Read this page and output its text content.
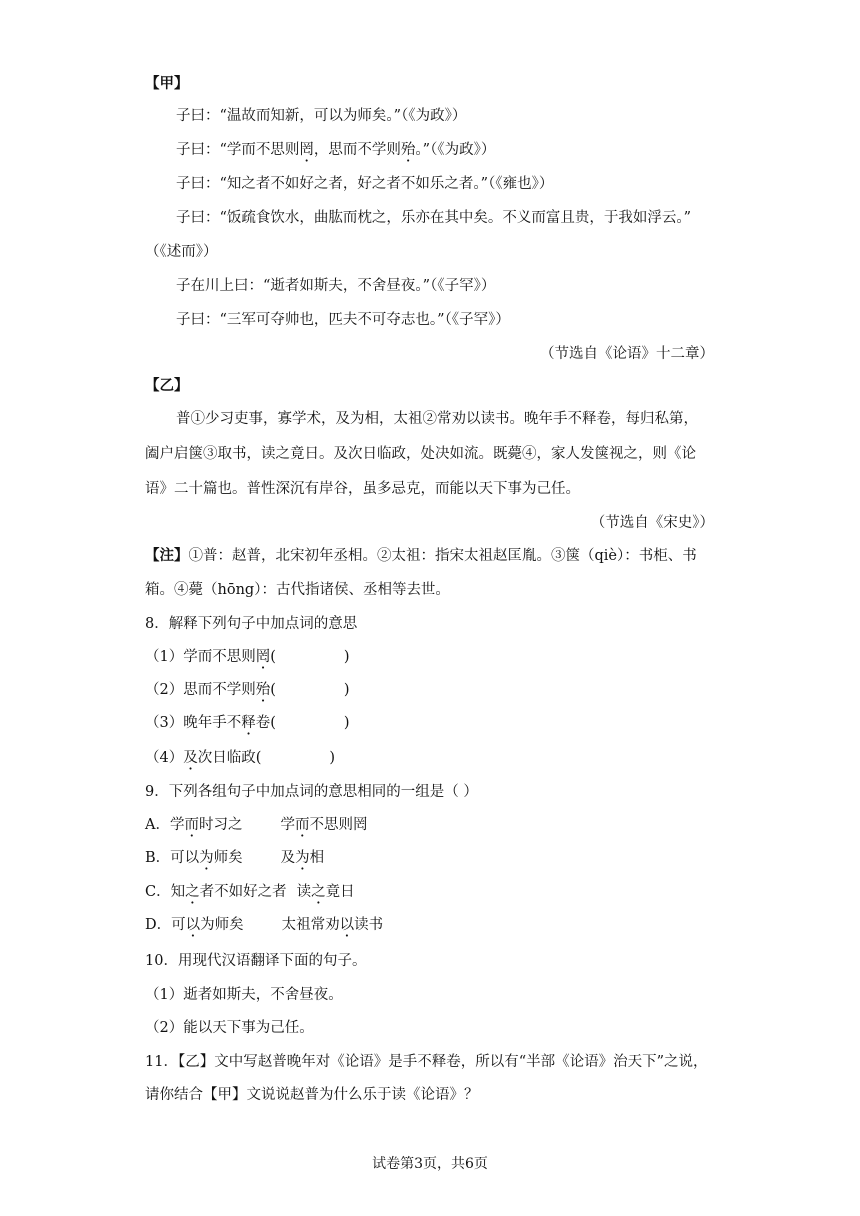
【甲】
子曰：“温故而知新，可以为师矣。”（《为政》）
子曰：“学而不思则罔，思而不学则殆。”（《为政》）
子曰：“知之者不如好之者，好之者不如乐之者。”（《雍也》）
子曰：“饭疏食饮水，曲肱而枕之，乐亦在其中矣。不义而富且贵，于我如浮云。”
（《述而》）
子在川上曰：“逝者如斯夫，不舍昼夜。”（《子罕》）
子曰：“三军可夺帅也，匹夫不可夺志也。”（《子罕》）
（节选自《论语》十二章）
【乙】
普①少习吏事，寡学术，及为相，太祖②常劝以读书。晚年手不释卷，每归私第，
阖户启箧③取书，读之竟日。及次日临政，处决如流。既薨④，家人发箧视之，则《论
语》二十篇也。普性深沉有岸谷，虽多忌克，而能以天下事为己任。
（节选自《宋史》）
【注】①普：赵普，北宋初年丞相。②太祖：指宋太祖赵匡胤。③箧（qiè）：书柜、书
箱。④薨（hōng）：古代指诸侯、丞相等去世。
8．解释下列句子中加点词的意思
（1）学而不思则罔(	)
（2）思而不学则殆(	)
（3）晚年手不释卷(	)
（4）及次日临政(	)
9．下列各组句子中加点词的意思相同的一组是（ ）
A．学而时习之	学而不思则罔
B．可以为师矣	及为相
C．知之者不如好之者 读之竟日
D．可以为师矣	太祖常劝以读书
10．用现代汉语翻译下面的句子。
（1）逝者如斯夫，不舍昼夜。
（2）能以天下事为己任。
11．【乙】文中写赵普晚年对《论语》是手不释卷，所以有“半部《论语》治天下”之说，
请你结合【甲】文说说赵普为什么乐于读《论语》？
试卷第3页，共6页
